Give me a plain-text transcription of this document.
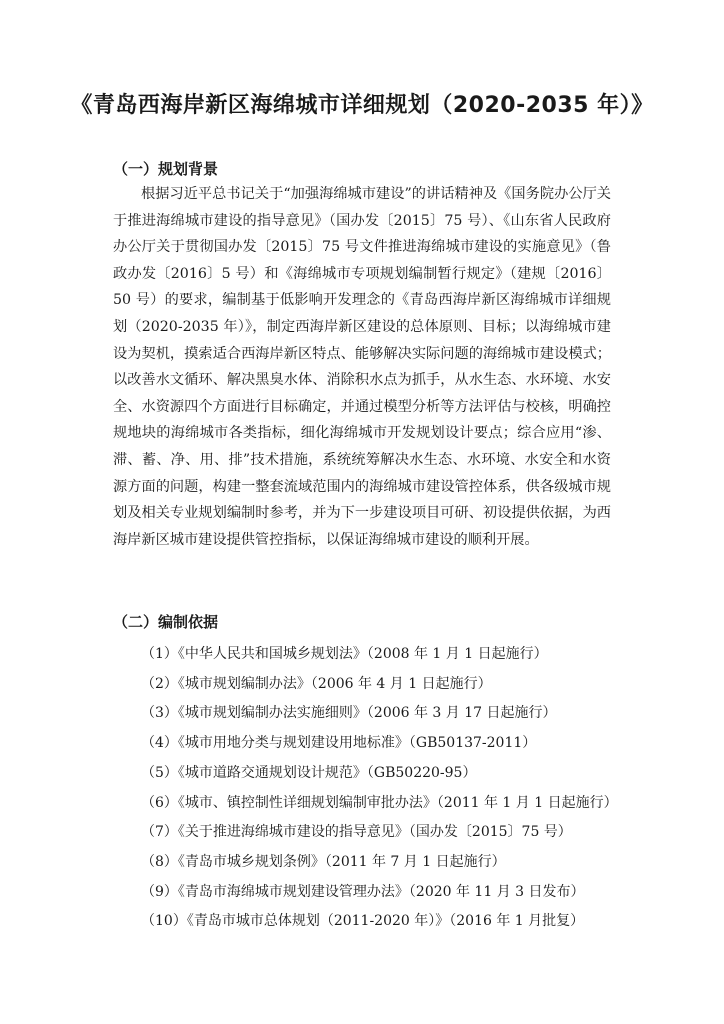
《青岛西海岸新区海绵城市详细规划（2020-2035 年）》
（一）规划背景
根据习近平总书记关于“加强海绵城市建设”的讲话精神及《国务院办公厅关于推进海绵城市建设的指导意见》（国办发〔2015〕75 号）、《山东省人民政府办公厅关于贯彻国办发〔2015〕75 号文件推进海绵城市建设的实施意见》（鲁政办发〔2016〕5 号）和《海绵城市专项规划编制暂行规定》（建规〔2016〕50 号）的要求，编制基于低影响开发理念的《青岛西海岸新区海绵城市详细规划（2020-2035 年）》，制定西海岸新区建设的总体原则、目标；以海绵城市建设为契机，摸索适合西海岸新区特点、能够解决实际问题的海绵城市建设模式；以改善水文循环、解决黑臭水体、消除积水点为抓手，从水生态、水环境、水安全、水资源四个方面进行目标确定，并通过模型分析等方法评估与校核，明确控规地块的海绵城市各类指标，细化海绵城市开发规划设计要点；综合应用“渗、滞、蓄、净、用、排”技术措施，系统统筹解决水生态、水环境、水安全和水资源方面的问题，构建一整套流域范围内的海绵城市建设管控体系，供各级城市规划及相关专业规划编制时参考，并为下一步建设项目可研、初设提供依据，为西海岸新区城市建设提供管控指标，以保证海绵城市建设的顺利开展。
（二）编制依据
（1）《中华人民共和国城乡规划法》（2008 年 1 月 1 日起施行）
（2）《城市规划编制办法》（2006 年 4 月 1 日起施行）
（3）《城市规划编制办法实施细则》（2006 年 3 月 17 日起施行）
（4）《城市用地分类与规划建设用地标准》（GB50137-2011）
（5）《城市道路交通规划设计规范》（GB50220-95）
（6）《城市、镇控制性详细规划编制审批办法》（2011 年 1 月 1 日起施行）
（7）《关于推进海绵城市建设的指导意见》（国办发〔2015〕75 号）
（8）《青岛市城乡规划条例》（2011 年 7 月 1 日起施行）
（9）《青岛市海绵城市规划建设管理办法》（2020 年 11 月 3 日发布）
（10）《青岛市城市总体规划（2011-2020 年）》（2016 年 1 月批复）
